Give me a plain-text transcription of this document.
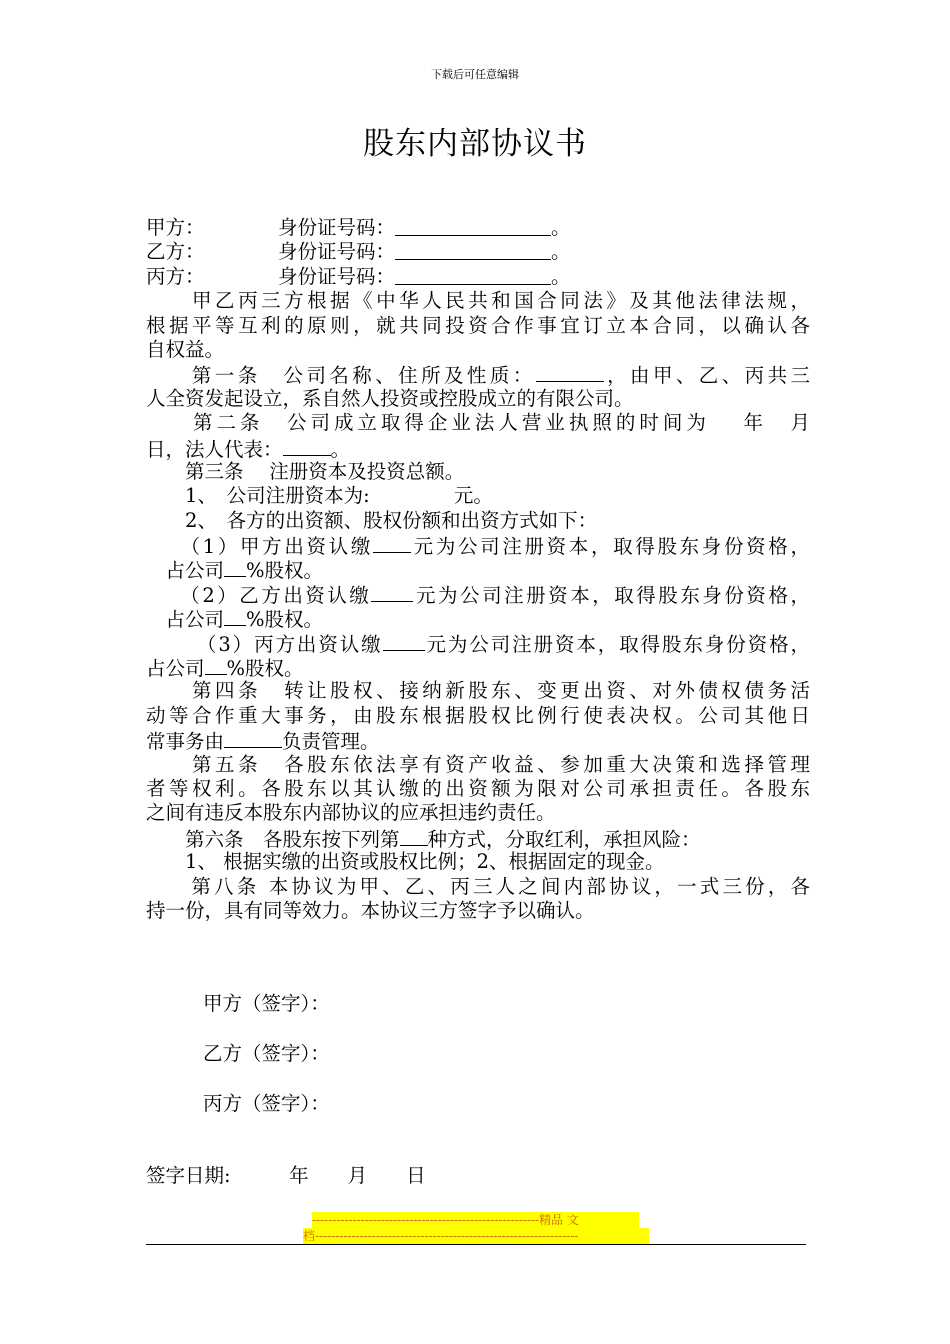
下载后可任意编辑
股东内部协议书
甲方：	身份证号码：	。
乙方：	身份证号码：	。
丙方：	身份证号码：	。
　　甲乙丙三方根据《中华人民共和国合同法》及其他法律法规，
根据平等互利的原则，就共同投资合作事宜订立本合同，以确认各
自权益。
　　第一条　公司名称、住所及性质：	，由甲、乙、丙共三
人全资发起设立，系自然人投资或控股成立的有限公司。
　　第二条　公司成立取得企业法人营业执照的时间为　 年　月
日，法人代表： 。
　　第三条　 注册资本及投资总额。
　　1、　公司注册资本为:　　　　 元。
　　2、　各方的出资额、股权份额和出资方式如下：
　　（1）甲方出资认缴 元为公司注册资本，取得股东身份资格，
　占公司 %股权。
　　（2）乙方出资认缴 元为公司注册资本，取得股东身份资格，
　占公司 %股权。
　　 （3）丙方出资认缴 元为公司注册资本，取得股东身份资格，
占公司 %股权。
　　第四条　转让股权、接纳新股东、变更出资、对外债权债务活
动等合作重大事务，由股东根据股权比例行使表决权。公司其他日
常事务由	负责管理。
　　第五条　各股东依法享有资产收益、参加重大决策和选择管理
者等权利。各股东以其认缴的出资额为限对公司承担责任。各股东
之间有违反本股东内部协议的应承担违约责任。
　　第六条　各股东按下列第 种方式，分取红利，承担风险：
　　1、 根据实缴的出资或股权比例；2、根据固定的现金。
　　第八条 本协议为甲、乙、丙三人之间内部协议，一式三份，各
持一份，具有同等效力。本协议三方签字予以确认。
甲方（签字）：
乙方（签字）：
丙方（签字）：
签字日期:　　　年　　月　　日
--------------------------------------------------------精品 文
档-----------------------------------------------------------------
